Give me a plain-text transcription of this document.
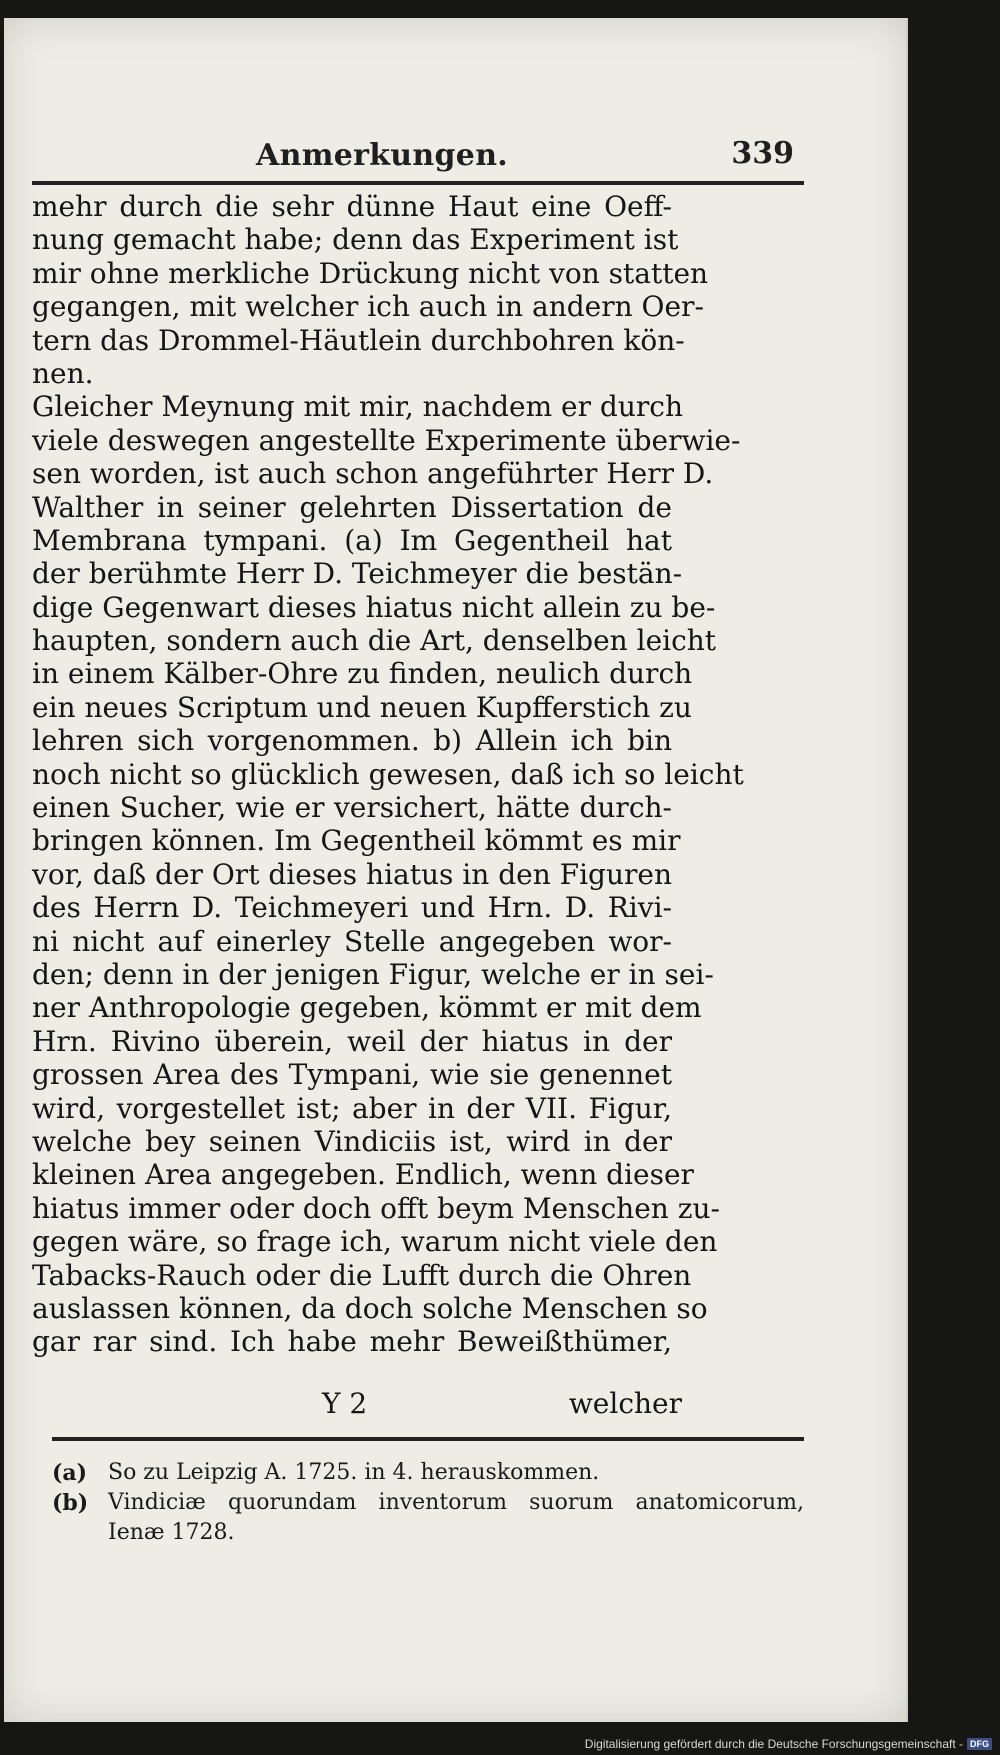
Anmerkungen.	339
mehr durch die sehr dünne Haut eine Oeff-
nung gemacht habe; denn das Experiment ist
mir ohne merkliche Drückung nicht von statten
gegangen, mit welcher ich auch in andern Oer-
tern das Drommel-Häutlein durchbohren kön-
nen.
Gleicher Meynung mit mir, nachdem er durch
viele deswegen angestellte Experimente überwie-
sen worden, ist auch schon angeführter Herr D.
Walther in seiner gelehrten Dissertation de
Membrana tympani. (a) Im Gegentheil hat
der berühmte Herr D. Teichmeyer die bestän-
dige Gegenwart dieses hiatus nicht allein zu be-
haupten, sondern auch die Art, denselben leicht
in einem Kälber-Ohre zu finden, neulich durch
ein neues Scriptum und neuen Kupfferstich zu
lehren sich vorgenommen. b) Allein ich bin
noch nicht so glücklich gewesen, daß ich so leicht
einen Sucher, wie er versichert, hätte durch-
bringen können. Im Gegentheil kömmt es mir
vor, daß der Ort dieses hiatus in den Figuren
des Herrn D. Teichmeyeri und Hrn. D. Rivi-
ni nicht auf einerley Stelle angegeben wor-
den; denn in der jenigen Figur, welche er in sei-
ner Anthropologie gegeben, kömmt er mit dem
Hrn. Rivino überein, weil der hiatus in der
grossen Area des Tympani, wie sie genennet
wird, vorgestellet ist; aber in der VII. Figur,
welche bey seinen Vindiciis ist, wird in der
kleinen Area angegeben. Endlich, wenn dieser
hiatus immer oder doch offt beym Menschen zu-
gegen wäre, so frage ich, warum nicht viele den
Tabacks-Rauch oder die Lufft durch die Ohren
auslassen können, da doch solche Menschen so
gar rar sind. Ich habe mehr Beweißthümer,
Y 2	welcher
(a) So zu Leipzig A. 1725. in 4. herauskommen.
(b) Vindiciæ quorundam inventorum suorum anatomicorum, Ienæ 1728.
Digitalisierung gefördert durch die Deutsche Forschungsgemeinschaft - DFG
